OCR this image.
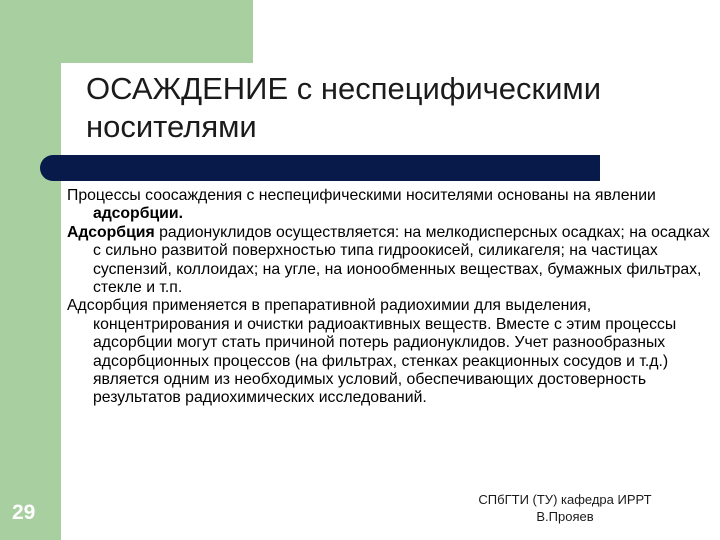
ОСАЖДЕНИЕ с неспецифическими носителями

Процессы соосаждения с неспецифическими носителями основаны на явлении адсорбции.

Адсорбция радионуклидов осуществляется: на мелкодисперсных осадках; на осадках с сильно развитой поверхностью типа гидроокисей, силикагеля; на частицах суспензий, коллоидах; на угле, на ионообменных веществах, бумажных фильтрах, стекле и т.п.

Адсорбция применяется в препаративной радиохимии для выделения, концентрирования и очистки радиоактивных веществ. Вместе с этим процессы адсорбции могут стать причиной потерь радионуклидов. Учет разнообразных адсорбционных процессов (на фильтрах, стенках реакционных сосудов и т.д.) является одним из необходимых условий, обеспечивающих достоверность результатов радиохимических исследований.

29
СПбГТИ (ТУ) кафедра ИРРТ
В.Прояев
